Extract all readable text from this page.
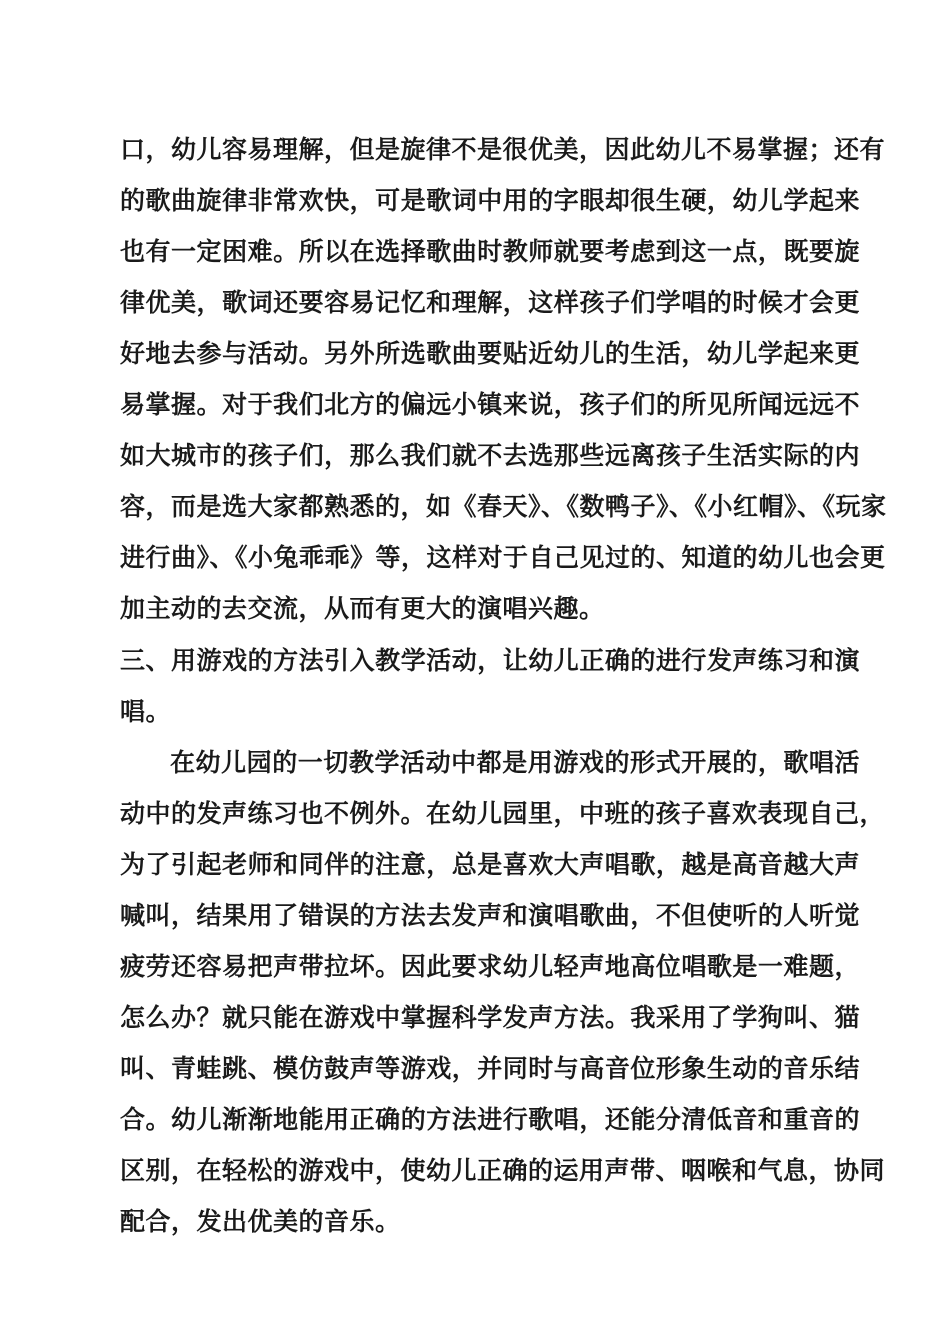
口，幼儿容易理解，但是旋律不是很优美，因此幼儿不易掌握；还有
的歌曲旋律非常欢快，可是歌词中用的字眼却很生硬，幼儿学起来
也有一定困难。所以在选择歌曲时教师就要考虑到这一点，既要旋
律优美，歌词还要容易记忆和理解，这样孩子们学唱的时候才会更
好地去参与活动。另外所选歌曲要贴近幼儿的生活，幼儿学起来更
易掌握。对于我们北方的偏远小镇来说，孩子们的所见所闻远远不
如大城市的孩子们，那么我们就不去选那些远离孩子生活实际的内
容，而是选大家都熟悉的，如《春天》、《数鸭子》、《小红帽》、《玩家
进行曲》、《小兔乖乖》等，这样对于自己见过的、知道的幼儿也会更
加主动的去交流，从而有更大的演唱兴趣。
三、用游戏的方法引入教学活动，让幼儿正确的进行发声练习和演
唱。
在幼儿园的一切教学活动中都是用游戏的形式开展的，歌唱活
动中的发声练习也不例外。在幼儿园里，中班的孩子喜欢表现自己，
为了引起老师和同伴的注意，总是喜欢大声唱歌，越是高音越大声
喊叫，结果用了错误的方法去发声和演唱歌曲，不但使听的人听觉
疲劳还容易把声带拉坏。因此要求幼儿轻声地高位唱歌是一难题，
怎么办？就只能在游戏中掌握科学发声方法。我采用了学狗叫、猫
叫、青蛙跳、模仿鼓声等游戏，并同时与高音位形象生动的音乐结
合。幼儿渐渐地能用正确的方法进行歌唱，还能分清低音和重音的
区别，在轻松的游戏中，使幼儿正确的运用声带、咽喉和气息，协同
配合，发出优美的音乐。
